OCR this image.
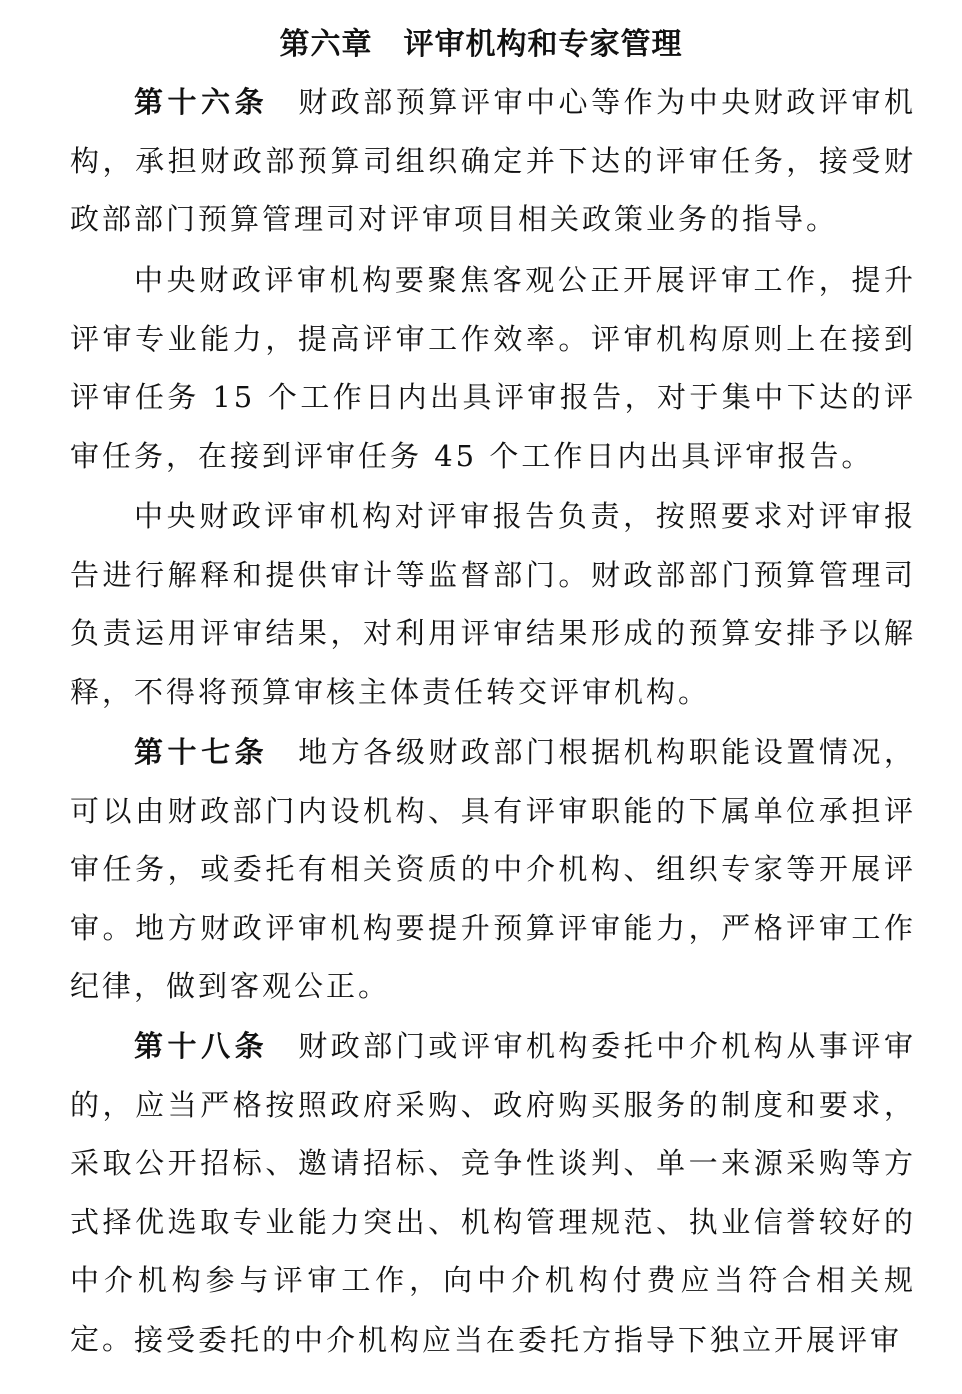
第六章　评审机构和专家管理

第十六条 财政部预算评审中心等作为中央财政评审机构，承担财政部预算司组织确定并下达的评审任务，接受财政部部门预算管理司对评审项目相关政策业务的指导。

中央财政评审机构要聚焦客观公正开展评审工作，提升评审专业能力，提高评审工作效率。评审机构原则上在接到评审任务 15 个工作日内出具评审报告，对于集中下达的评审任务，在接到评审任务 45 个工作日内出具评审报告。

中央财政评审机构对评审报告负责，按照要求对评审报告进行解释和提供审计等监督部门。财政部部门预算管理司负责运用评审结果，对利用评审结果形成的预算安排予以解释，不得将预算审核主体责任转交评审机构。

第十七条 地方各级财政部门根据机构职能设置情况，可以由财政部门内设机构、具有评审职能的下属单位承担评审任务，或委托有相关资质的中介机构、组织专家等开展评审。地方财政评审机构要提升预算评审能力，严格评审工作纪律，做到客观公正。

第十八条 财政部门或评审机构委托中介机构从事评审的，应当严格按照政府采购、政府购买服务的制度和要求，采取公开招标、邀请招标、竞争性谈判、单一来源采购等方式择优选取专业能力突出、机构管理规范、执业信誉较好的中介机构参与评审工作，向中介机构付费应当符合相关规定。 接受委托的中介机构应当在委托方指导下独立开展评审
